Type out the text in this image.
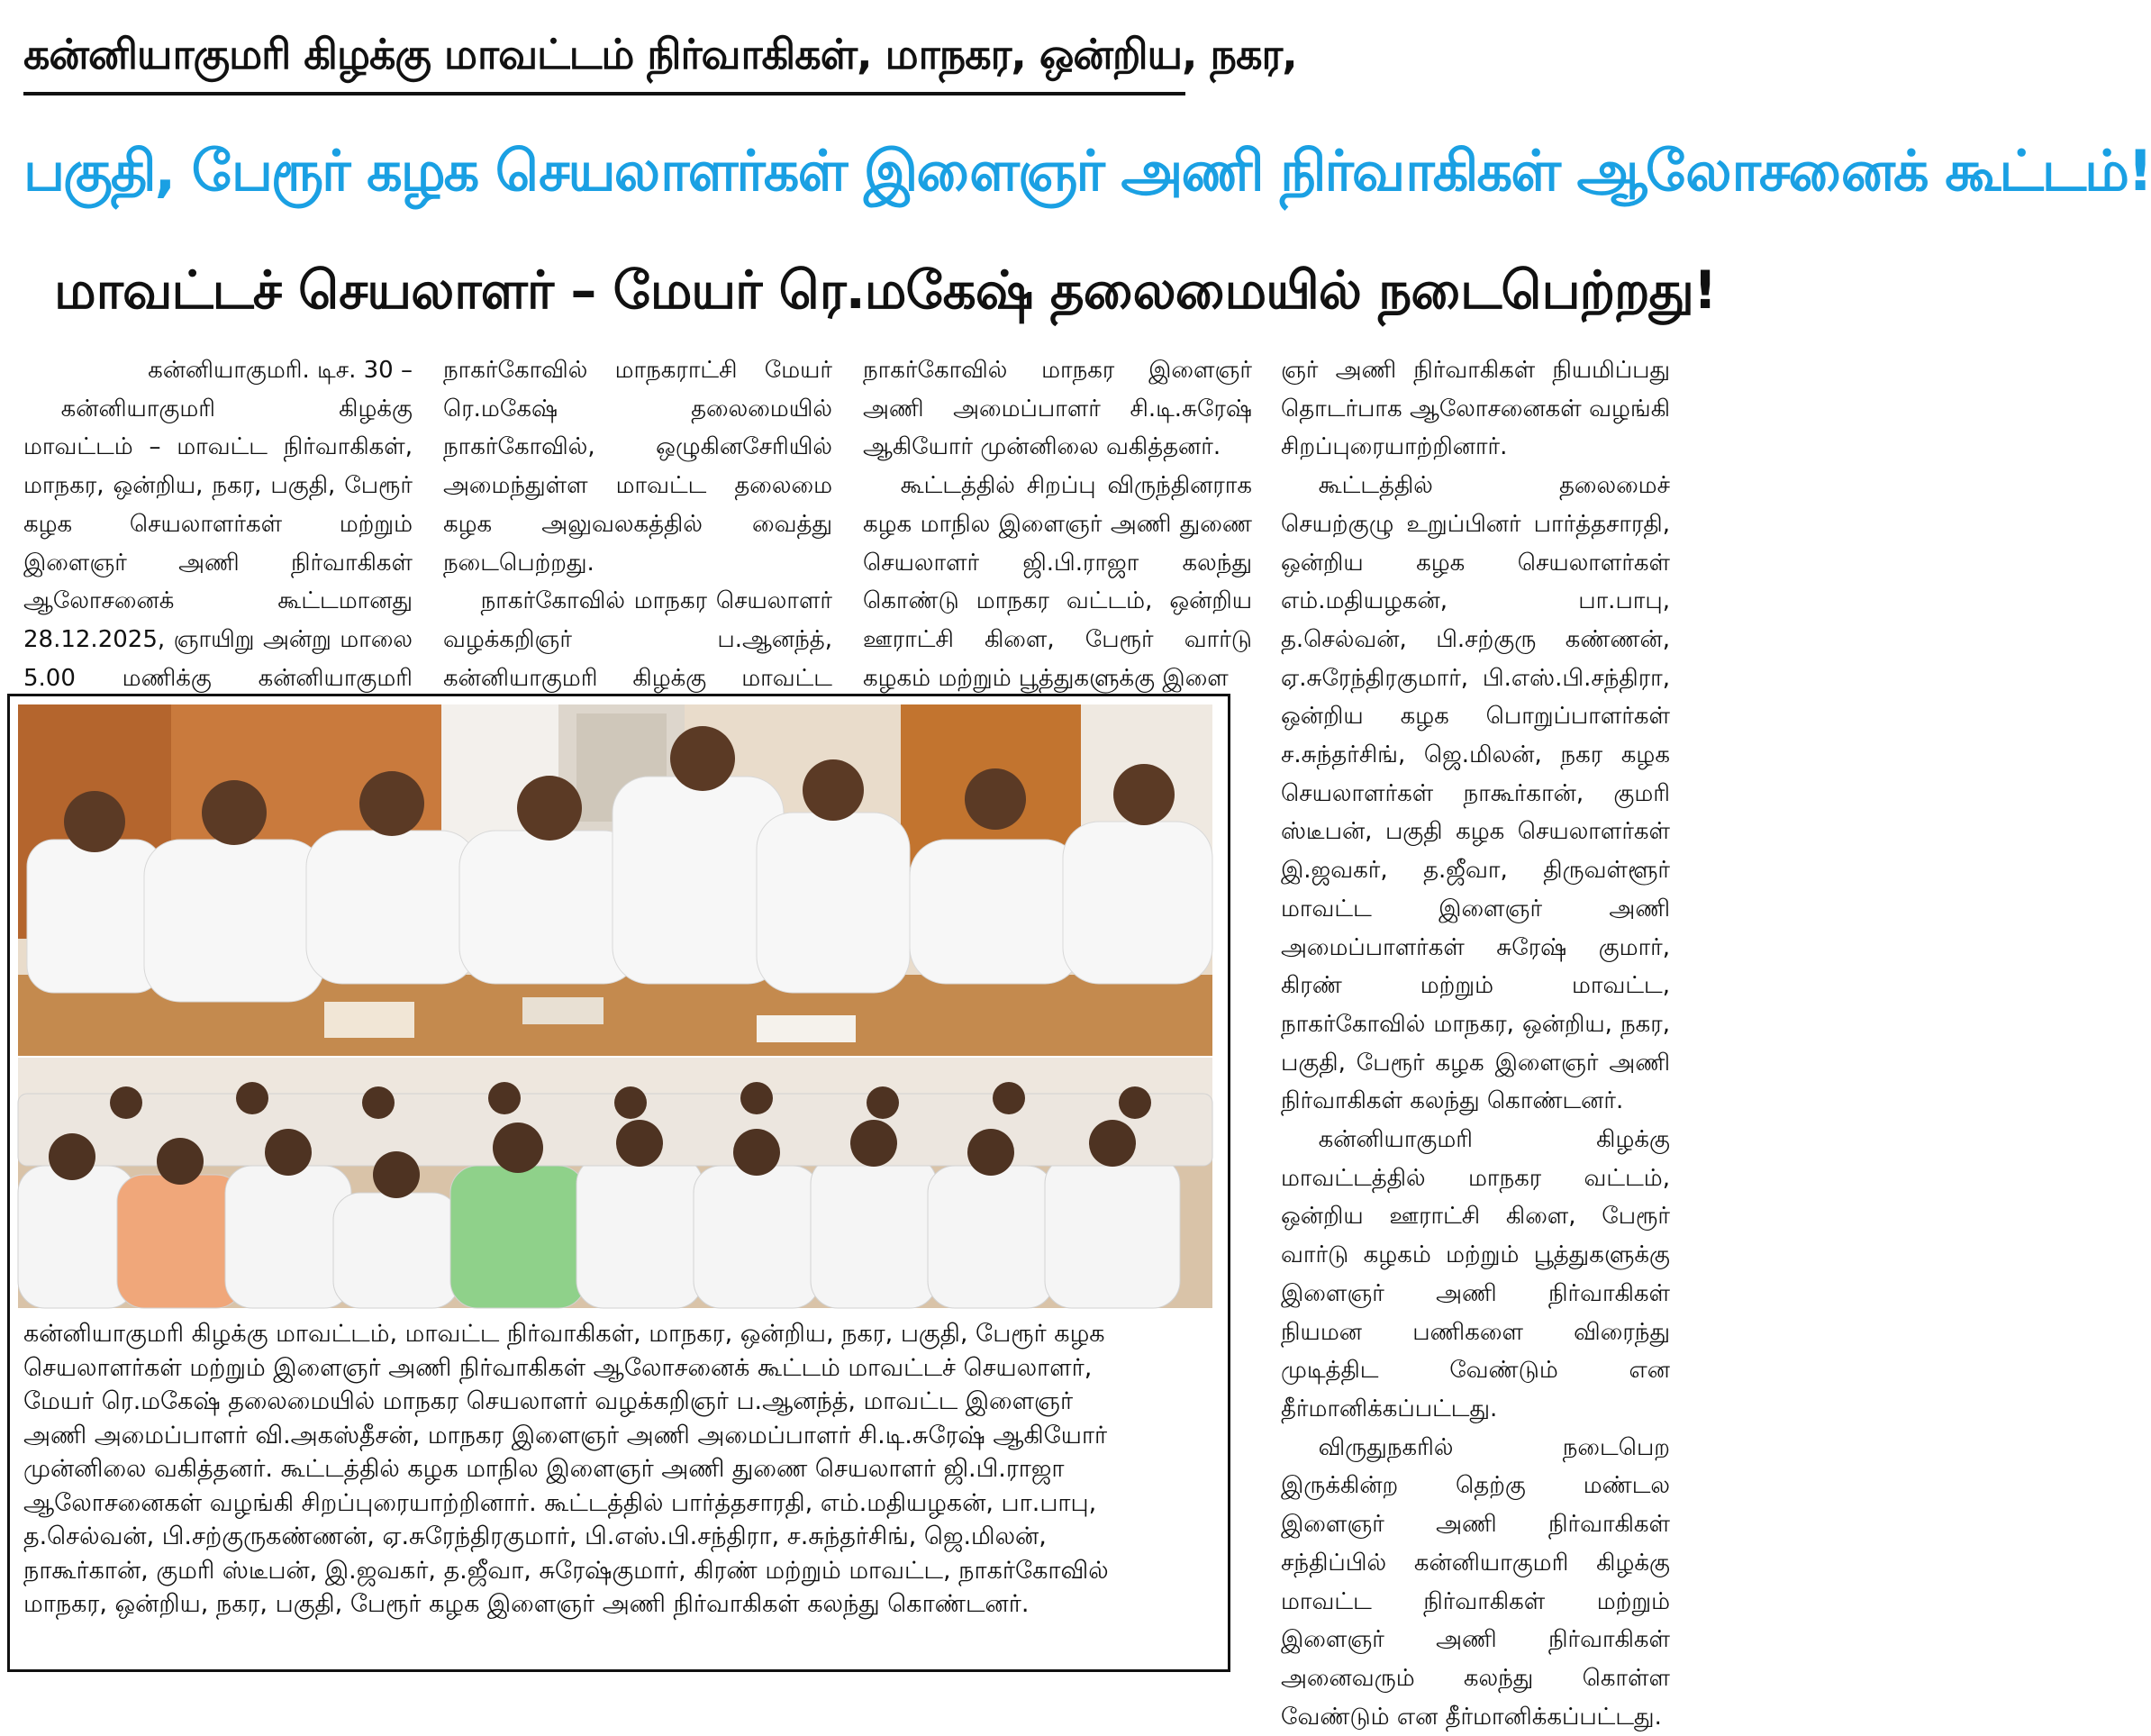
கன்னியாகுமரி கிழக்கு மாவட்டம் நிர்வாகிகள், மாநகர, ஒன்றிய, நகர,
பகுதி, பேரூர் கழக செயலாளர்கள் இளைஞர் அணி நிர்வாகிகள் ஆலோசனைக் கூட்டம்!
மாவட்டச் செயலாளர் – மேயர் ரெ.மகேஷ் தலைமையில் நடைபெற்றது!

கன்னியாகுமரி. டிச. 30 –

கன்னியாகுமரி கிழக்கு மாவட்டம் – மாவட்ட நிர்வாகிகள், மாநகர, ஒன்றிய, நகர, பகுதி, பேரூர் கழக செயலாளர்கள் மற்றும் இளைஞர் அணி நிர்வாகிகள் ஆலோசனைக் கூட்டமானது 28.12.2025, ஞாயிறு அன்று மாலை 5.00 மணிக்கு கன்னியாகுமரி

நாகர்கோவில் மாநகராட்சி மேயர் ரெ.மகேஷ் தலைமையில் நாகர்கோவில், ஒழுகினசேரியில் அமைந்துள்ள மாவட்ட தலைமை கழக அலுவலகத்தில் வைத்து நடைபெற்றது.

நாகர்கோவில் மாநகர செயலாளர் வழக்கறிஞர் ப.ஆனந்த், கன்னியாகுமரி கிழக்கு மாவட்ட

நாகர்கோவில் மாநகர இளைஞர் அணி அமைப்பாளர் சி.டி.சுரேஷ் ஆகியோர் முன்னிலை வகித்தனர்.

கூட்டத்தில் சிறப்பு விருந்தினராக கழக மாநில இளைஞர் அணி துணை செயலாளர் ஜி.பி.ராஜா கலந்து கொண்டு மாநகர வட்டம், ஒன்றிய ஊராட்சி கிளை, பேரூர் வார்டு கழகம் மற்றும் பூத்துகளுக்கு இளை

ஞர் அணி நிர்வாகிகள் நியமிப்பது தொடர்பாக ஆலோசனைகள் வழங்கி சிறப்புரையாற்றினார்.

கூட்டத்தில் தலைமைச் செயற்குழு உறுப்பினர் பார்த்தசாரதி, ஒன்றிய கழக செயலாளர்கள் எம்.மதியழகன், பா.பாபு, த.செல்வன், பி.சற்குரு கண்ணன், ஏ.சுரேந்திரகுமார், பி.எஸ்.பி.சந்திரா, ஒன்றிய கழக பொறுப்பாளர்கள் ச.சுந்தர்சிங், ஜெ.மிலன், நகர கழக செயலாளர்கள் நாகூர்கான், குமரி ஸ்டீபன், பகுதி கழக செயலாளர்கள் இ.ஜவகர், த.ஜீவா, திருவள்ளூர் மாவட்ட இளைஞர் அணி அமைப்பாளர்கள் சுரேஷ் குமார், கிரண் மற்றும் மாவட்ட, நாகர்கோவில் மாநகர, ஒன்றிய, நகர, பகுதி, பேரூர் கழக இளைஞர் அணி நிர்வாகிகள் கலந்து கொண்டனர்.

கன்னியாகுமரி கிழக்கு மாவட்டத்தில் மாநகர வட்டம், ஒன்றிய ஊராட்சி கிளை, பேரூர் வார்டு கழகம் மற்றும் பூத்துகளுக்கு இளைஞர் அணி நிர்வாகிகள் நியமன பணிகளை விரைந்து முடித்திட வேண்டும் என தீர்மானிக்கப்பட்டது.

விருதுநகரில் நடைபெற இருக்கின்ற தெற்கு மண்டல இளைஞர் அணி நிர்வாகிகள் சந்திப்பில் கன்னியாகுமரி கிழக்கு மாவட்ட நிர்வாகிகள் மற்றும் இளைஞர் அணி நிர்வாகிகள் அனைவரும் கலந்து கொள்ள வேண்டும் என தீர்மானிக்கப்பட்டது.

கன்னியாகுமரி கிழக்கு மாவட்டம், மாவட்ட நிர்வாகிகள், மாநகர, ஒன்றிய, நகர, பகுதி, பேரூர் கழக
செயலாளர்கள் மற்றும் இளைஞர் அணி நிர்வாகிகள் ஆலோசனைக் கூட்டம் மாவட்டச் செயலாளர்,
மேயர் ரெ.மகேஷ் தலைமையில் மாநகர செயலாளர் வழக்கறிஞர் ப.ஆனந்த், மாவட்ட இளைஞர்
அணி அமைப்பாளர் வி.அகஸ்தீசன், மாநகர இளைஞர் அணி அமைப்பாளர் சி.டி.சுரேஷ் ஆகியோர்
முன்னிலை வகித்தனர். கூட்டத்தில் கழக மாநில இளைஞர் அணி துணை செயலாளர் ஜி.பி.ராஜா
ஆலோசனைகள் வழங்கி சிறப்புரையாற்றினார். கூட்டத்தில் பார்த்தசாரதி, எம்.மதியழகன், பா.பாபு,
த.செல்வன், பி.சற்குருகண்ணன், ஏ.சுரேந்திரகுமார், பி.எஸ்.பி.சந்திரா, ச.சுந்தர்சிங், ஜெ.மிலன்,
நாகூர்கான், குமரி ஸ்டீபன், இ.ஜவகர், த.ஜீவா, சுரேஷ்குமார், கிரண் மற்றும் மாவட்ட, நாகர்கோவில்
மாநகர, ஒன்றிய, நகர, பகுதி, பேரூர் கழக இளைஞர் அணி நிர்வாகிகள் கலந்து கொண்டனர்.
